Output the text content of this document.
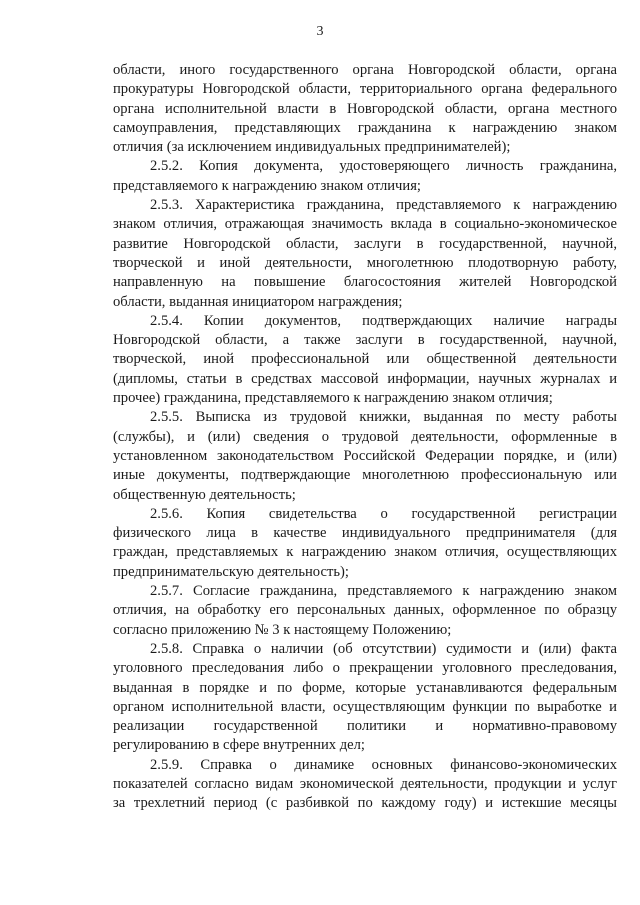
3
области, иного государственного органа Новгородской области, органа
прокуратуры Новгородской области, территориального органа федерального
органа исполнительной власти в Новгородской области, органа местного
самоуправления, представляющих гражданина к награждению знаком
отличия (за исключением индивидуальных предпринимателей);
2.5.2. Копия документа, удостоверяющего личность гражданина,
представляемого к награждению знаком отличия;
2.5.3. Характеристика гражданина, представляемого к награждению
знаком отличия, отражающая значимость вклада в социально-экономическое
развитие Новгородской области, заслуги в государственной, научной,
творческой и иной деятельности, многолетнюю плодотворную работу,
направленную на повышение благосостояния жителей Новгородской
области, выданная инициатором награждения;
2.5.4. Копии документов, подтверждающих наличие награды
Новгородской области, а также заслуги в государственной, научной,
творческой, иной профессиональной или общественной деятельности
(дипломы, статьи в средствах массовой информации, научных журналах и
прочее) гражданина, представляемого к награждению знаком отличия;
2.5.5. Выписка из трудовой книжки, выданная по месту работы
(службы), и (или) сведения о трудовой деятельности, оформленные в
установленном законодательством Российской Федерации порядке, и (или)
иные документы, подтверждающие многолетнюю профессиональную или
общественную деятельность;
2.5.6. Копия свидетельства о государственной регистрации
физического лица в качестве индивидуального предпринимателя (для
граждан, представляемых к награждению знаком отличия, осуществляющих
предпринимательскую деятельность);
2.5.7. Согласие гражданина, представляемого к награждению знаком
отличия, на обработку его персональных данных, оформленное по образцу
согласно приложению № 3 к настоящему Положению;
2.5.8. Справка о наличии (об отсутствии) судимости и (или) факта
уголовного преследования либо о прекращении уголовного преследования,
выданная в порядке и по форме, которые устанавливаются федеральным
органом исполнительной власти, осуществляющим функции по выработке и
реализации государственной политики и нормативно-правовому
регулированию в сфере внутренних дел;
2.5.9. Справка о динамике основных финансово-экономических
показателей согласно видам экономической деятельности, продукции и услуг
за трехлетний период (с разбивкой по каждому году) и истекшие месяцы
